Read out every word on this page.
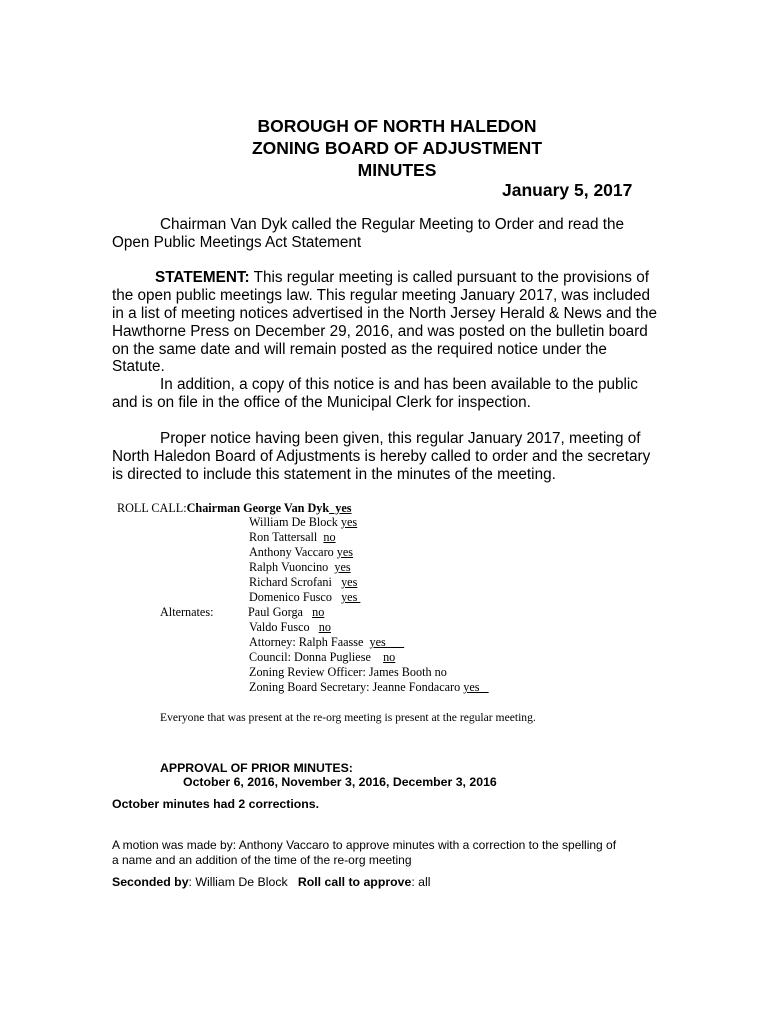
BOROUGH OF NORTH HALEDON
ZONING BOARD OF ADJUSTMENT
MINUTES
January 5, 2017
Chairman Van Dyk called the Regular Meeting to Order and read the
Open Public Meetings Act Statement
STATEMENT: This regular meeting is called pursuant to the provisions of
the open public meetings law. This regular meeting January 2017, was included
in a list of meeting notices advertised in the North Jersey Herald & News and the
Hawthorne Press on December 29, 2016, and was posted on the bulletin board
on the same date and will remain posted as the required notice under the
Statute.
In addition, a copy of this notice is and has been available to the public
and is on file in the office of the Municipal Clerk for inspection.
Proper notice having been given, this regular January 2017, meeting of
North Haledon Board of Adjustments is hereby called to order and the secretary
is directed to include this statement in the minutes of the meeting.
ROLL CALL:Chairman George Van Dyk  yes
William De Block yes
Ron Tattersall  no
Anthony Vaccaro yes
Ralph Vuoncino  yes
Richard Scrofani   yes
Domenico Fusco   yes
Alternates:	Paul Gorga   no
Valdo Fusco   no
Attorney: Ralph Faasse  yes___
Council: Donna Pugliese    no
Zoning Review Officer: James Booth no
Zoning Board Secretary: Jeanne Fondacaro yes_
Everyone that was present at the re-org meeting is present at the regular meeting.
APPROVAL OF PRIOR MINUTES:
October 6, 2016, November 3, 2016, December 3, 2016
October minutes had 2 corrections.
A motion was made by: Anthony Vaccaro to approve minutes with a correction to the spelling of
a name and an addition of the time of the re-org meeting
Seconded by: William De Block   Roll call to approve: all
